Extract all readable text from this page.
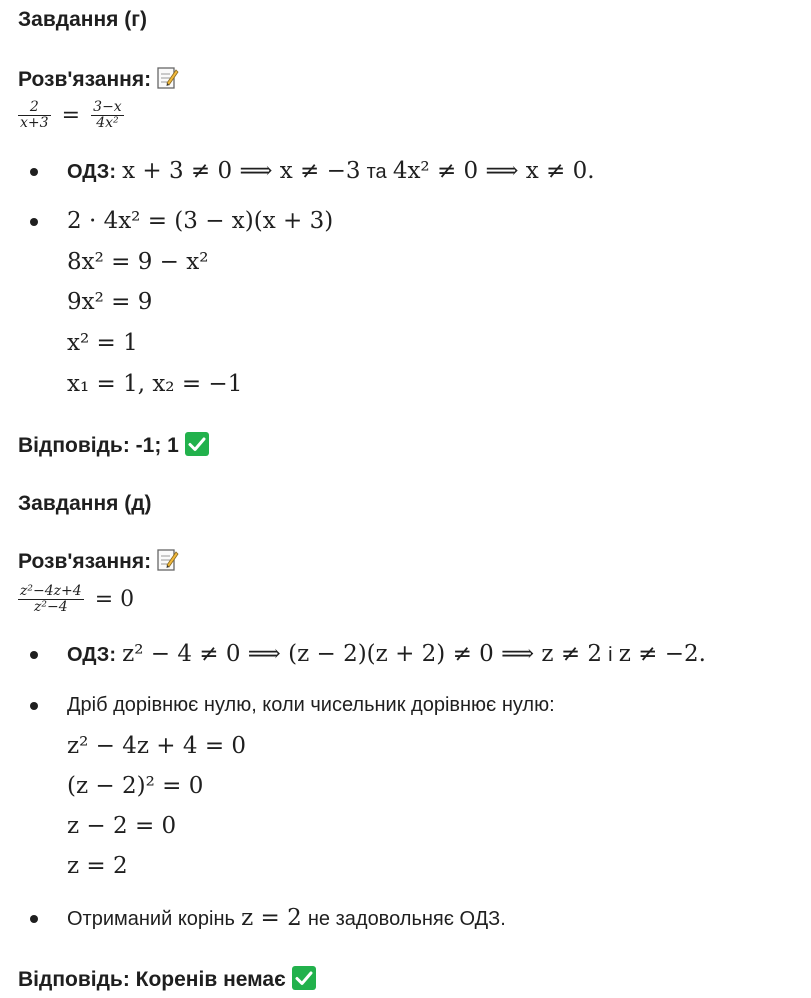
Завдання (г)
Розв'язання:
$\frac{2}{x+3} = \frac{3-x}{\text{4x²}}$
ОДЗ: x + 3 ≠ 0 ⟹ x ≠ −3 та 4x² ≠ 0 ⟹ x ≠ 0.
2 · 4x² = (3 − x)(x + 3)
8x² = 9 − x²
9x² = 9
x² = 1
x₁ = 1, x₂ = −1
Відповідь: -1; 1
Завдання (д)
Розв'язання:
$\frac{\text{z²−4z+4}}{\text{z²−4}} = 0$
ОДЗ: z² − 4 ≠ 0 ⟹ (z − 2)(z + 2) ≠ 0 ⟹ z ≠ 2 і z ≠ −2.
Дріб дорівнює нулю, коли чисельник дорівнює нулю:
z² − 4z + 4 = 0
(z − 2)² = 0
z − 2 = 0
z = 2
Отриманий корінь z = 2 не задовольняє ОДЗ.
Відповідь: Коренів немає
